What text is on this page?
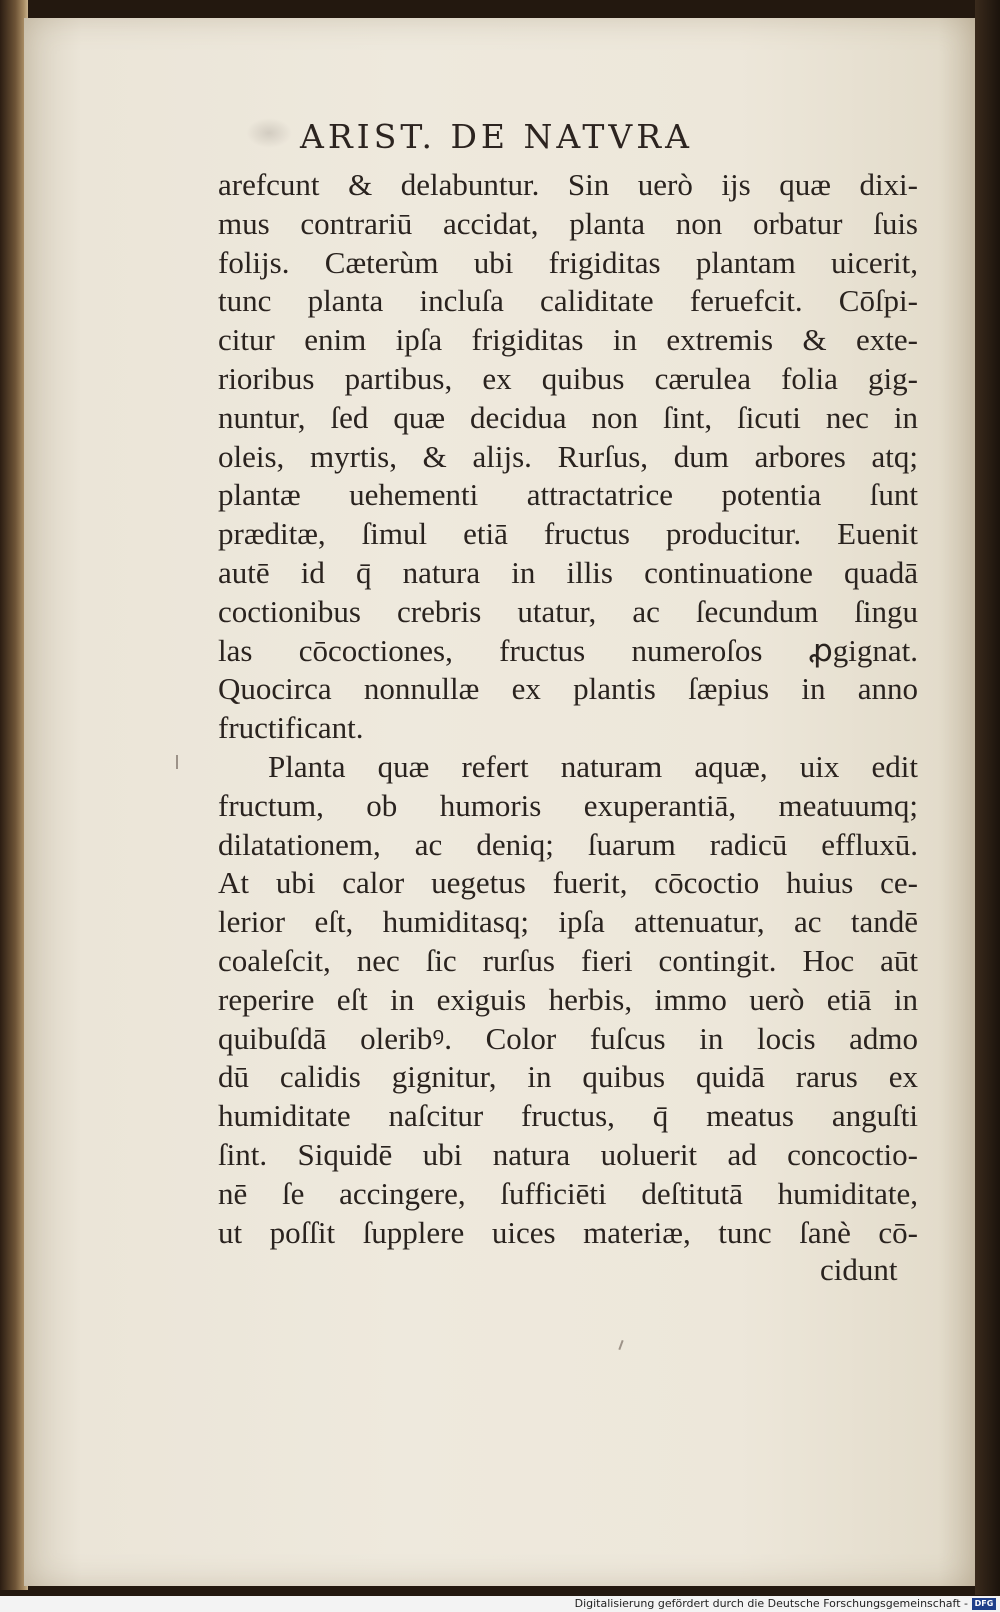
ARIST. DE NATVRA
arefcunt & delabuntur. Sin uerò ijs quæ dixi-
mus contrariū accidat, planta non orbatur ſuis
folijs. Cæterùm ubi frigiditas plantam uicerit,
tunc planta incluſa caliditate feruefcit. Cōſpi-
citur enim ipſa frigiditas in extremis & exte-
rioribus partibus, ex quibus cærulea folia gig-
nuntur, ſed quæ decidua non ſint, ſicuti nec in
oleis, myrtis, & alijs. Rurſus, dum arbores atq;
plantæ uehementi attractatrice potentia ſunt
præditæ, ſimul etiā fructus producitur. Euenit
autē id q̄ natura in illis continuatione quadā
coctionibus crebris utatur, ac ſecundum ſingu
las cōcoctiones, fructus numeroſos ꝓgignat.
Quocirca nonnullæ ex plantis ſæpius in anno
fructificant.
Planta quæ refert naturam aquæ, uix edit
fructum, ob humoris exuperantiā, meatuumq;
dilatationem, ac deniq; ſuarum radicū effluxū.
At ubi calor uegetus fuerit, cōcoctio huius ce-
lerior eſt, humiditasq; ipſa attenuatur, ac tandē
coaleſcit, nec ſic rurſus fieri contingit. Hoc aūt
reperire eſt in exiguis herbis, immo uerò etiā in
quibuſdā oleribꝰ. Color fuſcus in locis admo
dū calidis gignitur, in quibus quidā rarus ex
humiditate naſcitur fructus, q̄ meatus anguſti
ſint. Siquidē ubi natura uoluerit ad concoctio-
nē ſe accingere, ſufficiēti deſtitutā humiditate,
ut poſſit ſupplere uices materiæ, tunc ſanè cō-
cidunt
Digitalisierung gefördert durch die Deutsche Forschungsgemeinschaft - DFG
